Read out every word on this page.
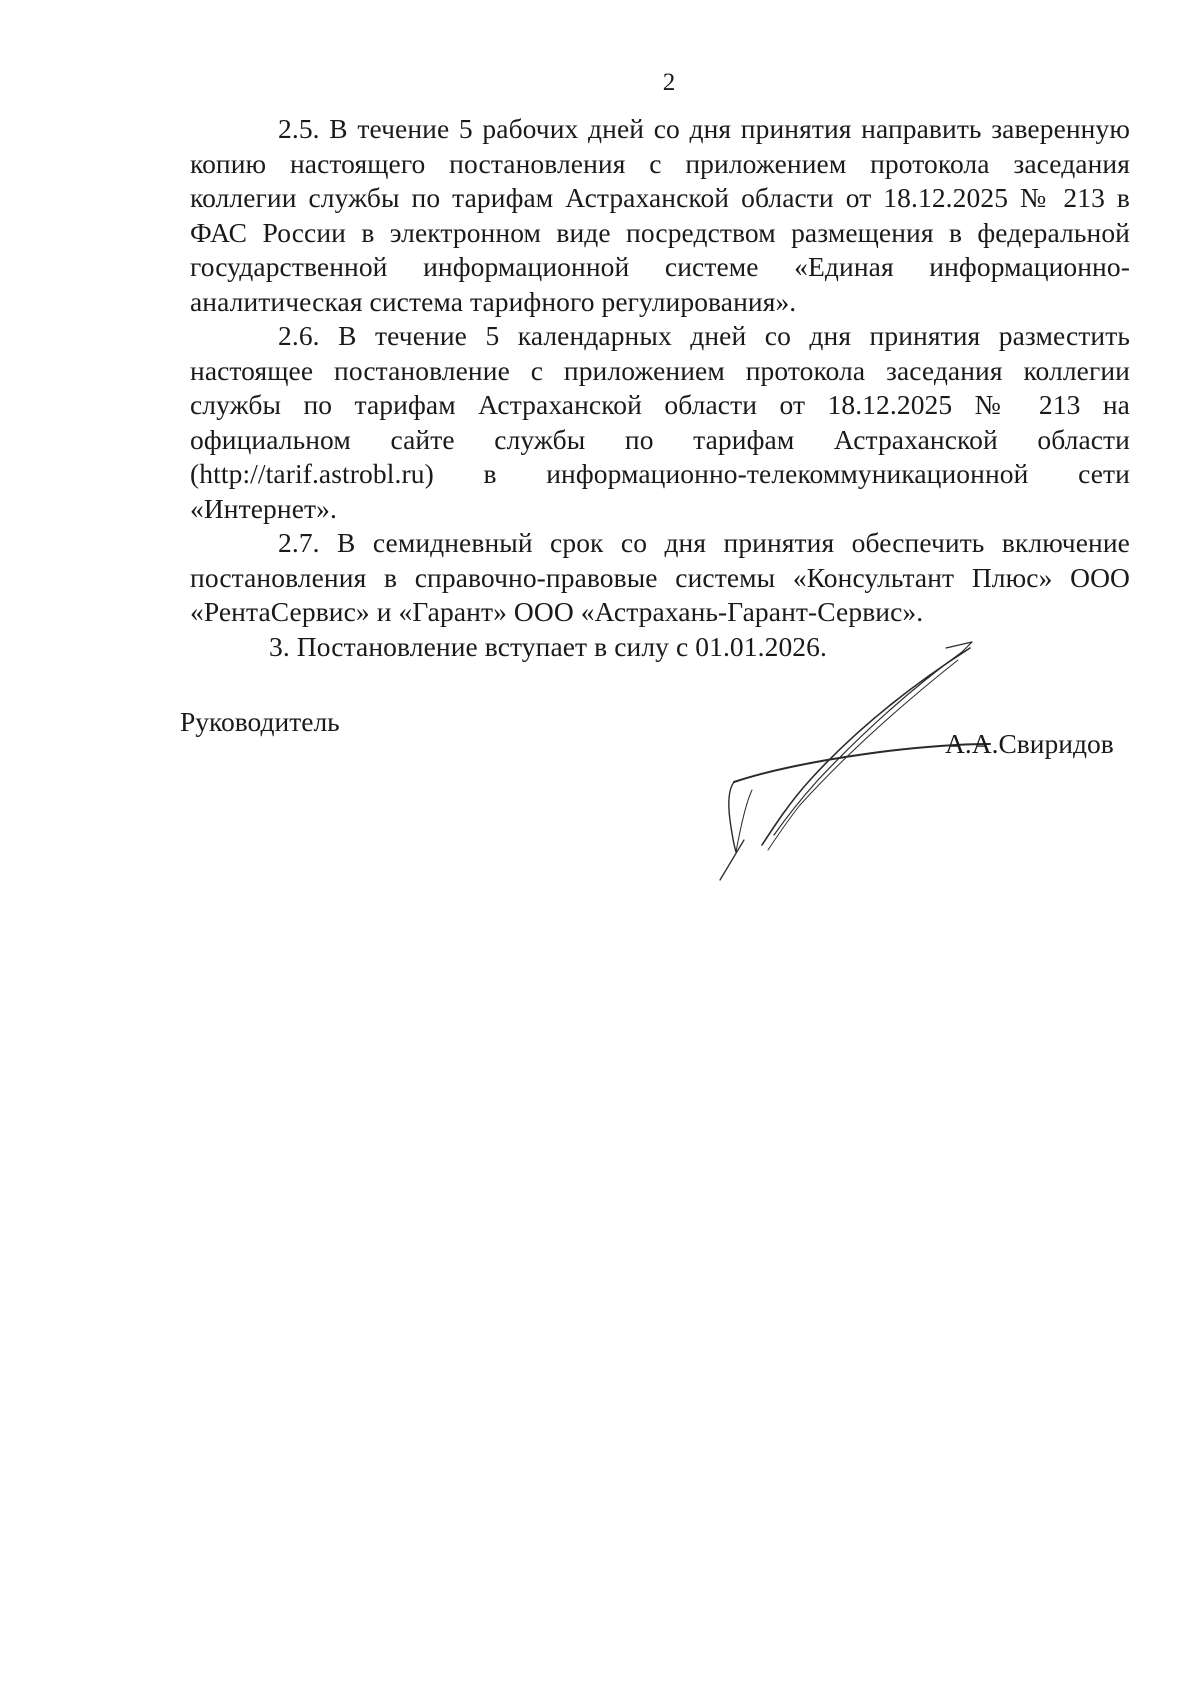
2

2.5. В течение 5 рабочих дней со дня принятия направить заверенную копию настоящего постановления с приложением протокола заседания коллегии службы по тарифам Астраханской области от 18.12.2025 № 213 в ФАС России в электронном виде посредством размещения в федеральной государственной информационной системе «Единая информационно-аналитическая система тарифного регулирования».

2.6. В течение 5 календарных дней со дня принятия разместить настоящее постановление с приложением протокола заседания коллегии службы по тарифам Астраханской области от 18.12.2025 № 213 на официальном сайте службы по тарифам Астраханской области (http://tarif.astrobl.ru) в информационно-телекоммуникационной сети «Интернет».

2.7. В семидневный срок со дня принятия обеспечить включение постановления в справочно-правовые системы «Консультант Плюс» ООО «РентаСервис» и «Гарант» ООО «Астрахань-Гарант-Сервис».

3. Постановление вступает в силу с 01.01.2026.

Руководитель
А.А.Свиридов
